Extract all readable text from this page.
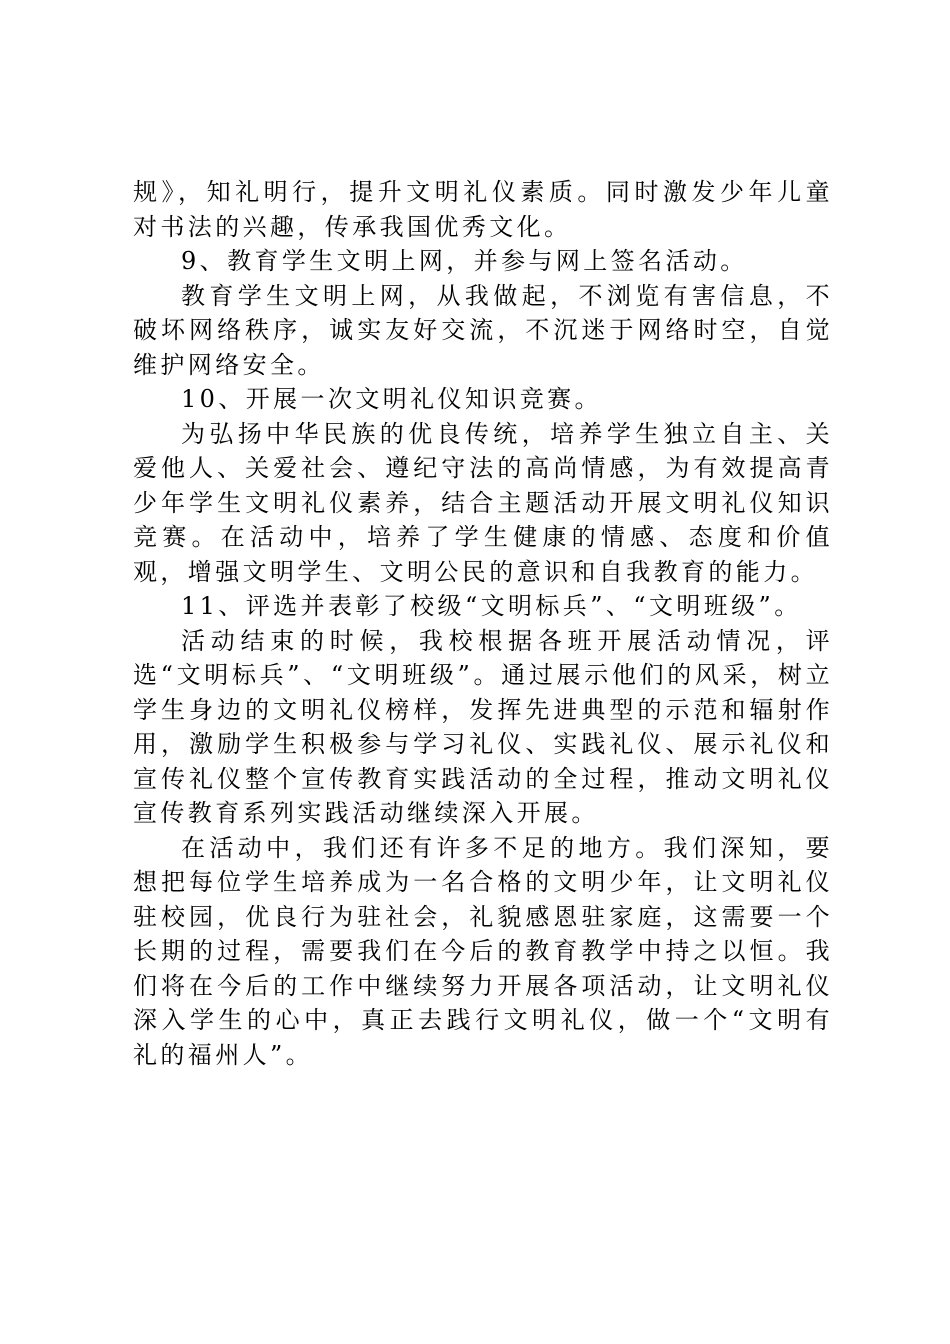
规》，知礼明行，提升文明礼仪素质。同时激发少年儿童对书法的兴趣，传承我国优秀文化。

9、教育学生文明上网，并参与网上签名活动。

教育学生文明上网，从我做起，不浏览有害信息，不破坏网络秩序，诚实友好交流，不沉迷于网络时空，自觉维护网络安全。

10、开展一次文明礼仪知识竞赛。

为弘扬中华民族的优良传统，培养学生独立自主、关爱他人、关爱社会、遵纪守法的高尚情感，为有效提高青少年学生文明礼仪素养，结合主题活动开展文明礼仪知识竞赛。在活动中，培养了学生健康的情感、态度和价值观，增强文明学生、文明公民的意识和自我教育的能力。

11、评选并表彰了校级“文明标兵”、“文明班级”。

活动结束的时候，我校根据各班开展活动情况，评选“文明标兵”、“文明班级”。通过展示他们的风采，树立学生身边的文明礼仪榜样，发挥先进典型的示范和辐射作用，激励学生积极参与学习礼仪、实践礼仪、展示礼仪和宣传礼仪整个宣传教育实践活动的全过程，推动文明礼仪宣传教育系列实践活动继续深入开展。

在活动中，我们还有许多不足的地方。我们深知，要想把每位学生培养成为一名合格的文明少年，让文明礼仪驻校园，优良行为驻社会，礼貌感恩驻家庭，这需要一个长期的过程，需要我们在今后的教育教学中持之以恒。我们将在今后的工作中继续努力开展各项活动，让文明礼仪深入学生的心中，真正去践行文明礼仪，做一个“文明有礼的福州人”。
